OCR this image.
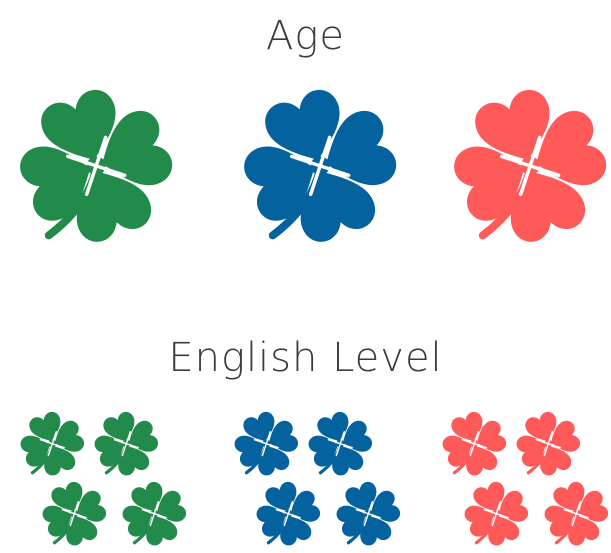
Age
English Level
